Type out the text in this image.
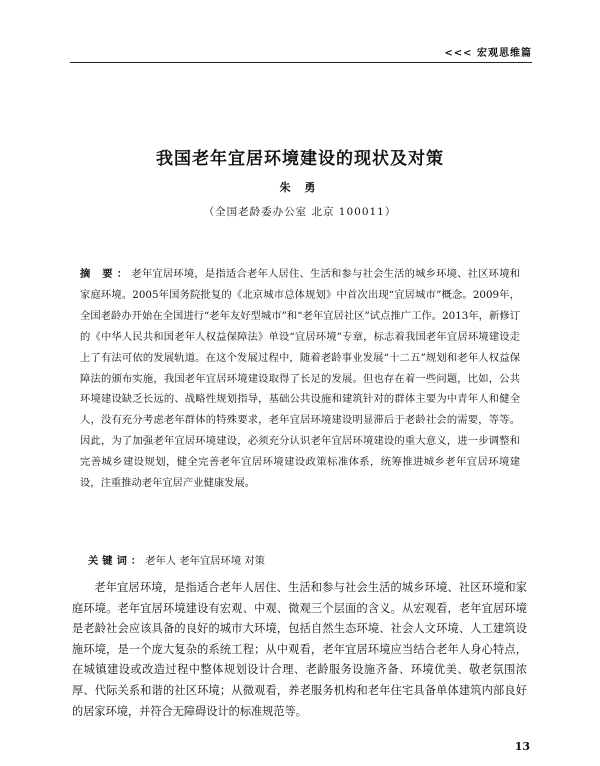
<<< 宏观思维篇
我国老年宜居环境建设的现状及对策
朱 勇
（全国老龄委办公室 北京 100011）
摘 要：老年宜居环境，是指适合老年人居住、生活和参与社会生活的城乡环境、社区环境和家庭环境。2005年国务院批复的《北京城市总体规划》中首次出现“宜居城市”概念。2009年，全国老龄办开始在全国进行“老年友好型城市”和“老年宜居社区”试点推广工作。2013年，新修订的《中华人民共和国老年人权益保障法》单设“宜居环境”专章，标志着我国老年宜居环境建设走上了有法可依的发展轨道。在这个发展过程中，随着老龄事业发展“十二五”规划和老年人权益保障法的颁布实施，我国老年宜居环境建设取得了长足的发展。但也存在着一些问题，比如，公共环境建设缺乏长远的、战略性规划指导，基础公共设施和建筑针对的群体主要为中青年人和健全人，没有充分考虑老年群体的特殊要求，老年宜居环境建设明显滞后于老龄社会的需要，等等。因此，为了加强老年宜居环境建设，必须充分认识老年宜居环境建设的重大意义，进一步调整和完善城乡建设规划，健全完善老年宜居环境建设政策标准体系，统筹推进城乡老年宜居环境建设，注重推动老年宜居产业健康发展。
关键词：老年人 老年宜居环境 对策
老年宜居环境，是指适合老年人居住、生活和参与社会生活的城乡环境、社区环境和家庭环境。老年宜居环境建设有宏观、中观、微观三个层面的含义。从宏观看，老年宜居环境是老龄社会应该具备的良好的城市大环境，包括自然生态环境、社会人文环境、人工建筑设施环境，是一个庞大复杂的系统工程；从中观看，老年宜居环境应当结合老年人身心特点，在城镇建设或改造过程中整体规划设计合理、老龄服务设施齐备、环境优美、敬老氛围浓厚、代际关系和谐的社区环境；从微观看，养老服务机构和老年住宅具备单体建筑内部良好的居家环境，并符合无障碍设计的标准规范等。
13
